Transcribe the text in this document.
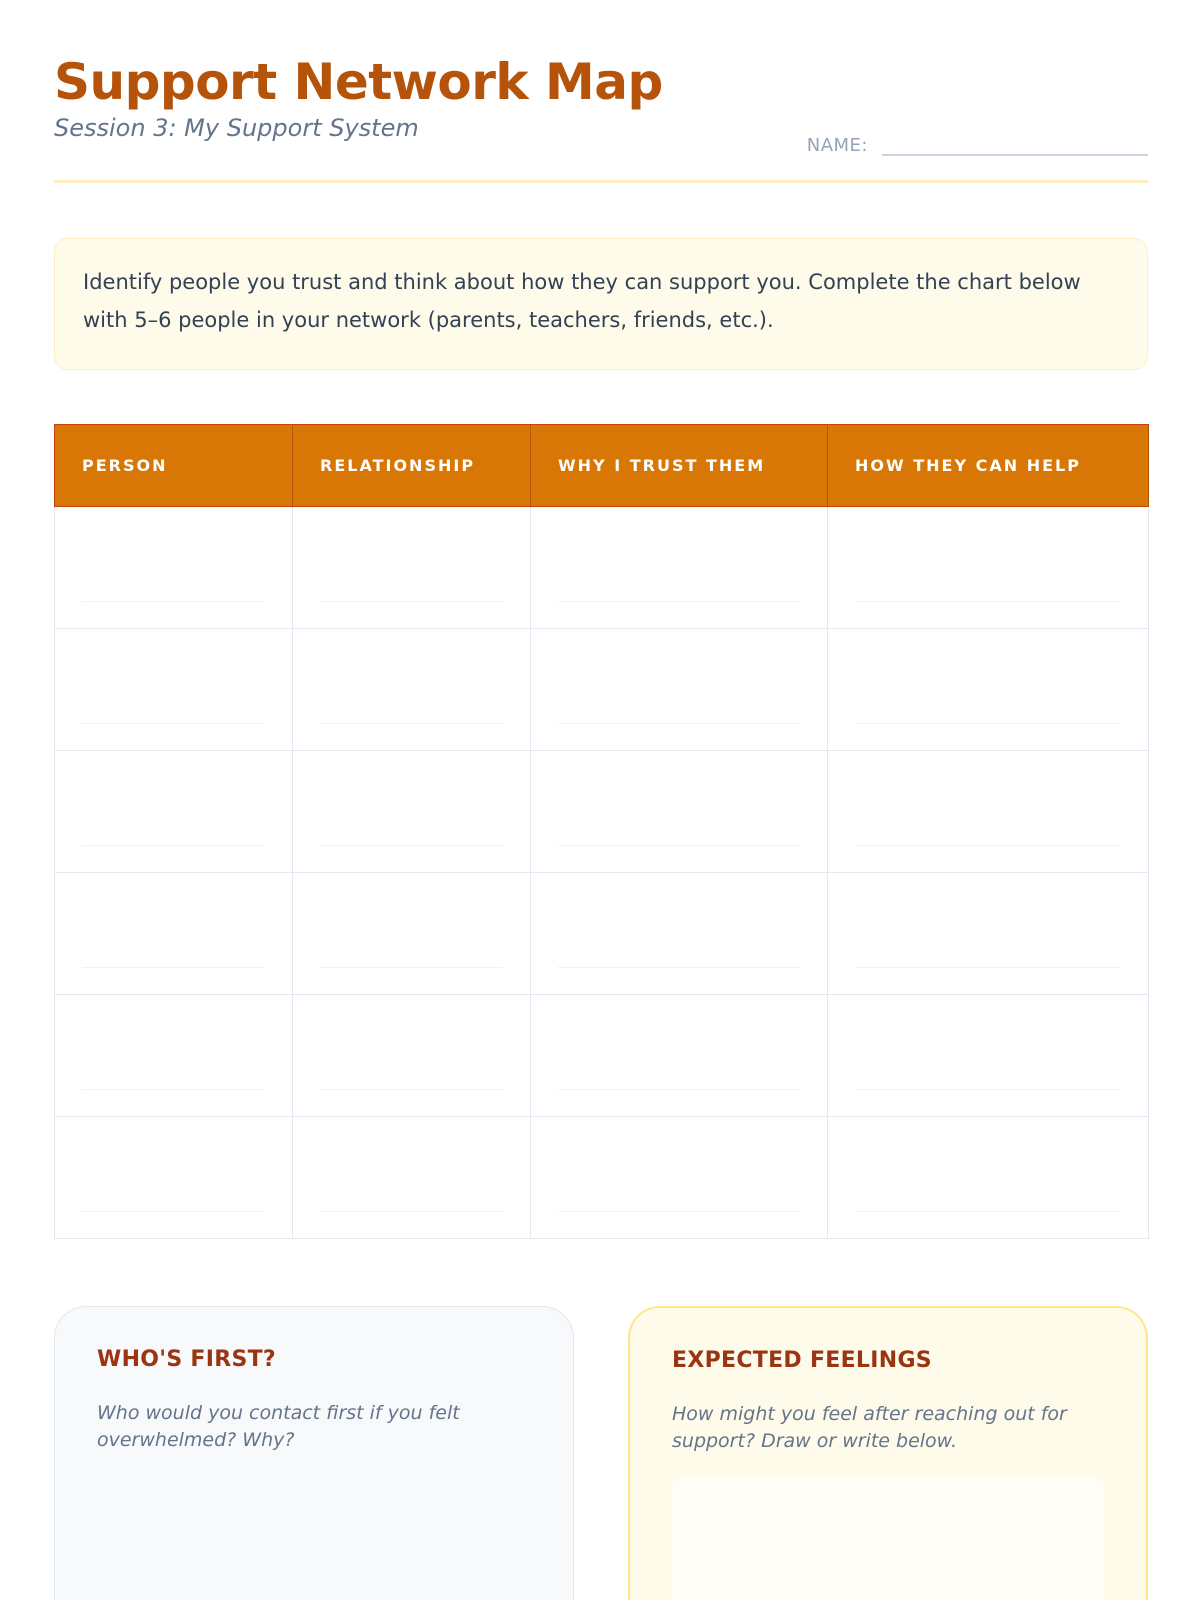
Support Network Map
Session 3: My Support System
NAME:

Identify people you trust and think about how they can support you. Complete the chart below with 5–6 people in your network (parents, teachers, friends, etc.).

PERSON	RELATIONSHIP	WHY I TRUST THEM	HOW THEY CAN HELP

WHO'S FIRST?
Who would you contact first if you felt overwhelmed? Why?
EXPECTED FEELINGS
How might you feel after reaching out for support? Draw or write below.
